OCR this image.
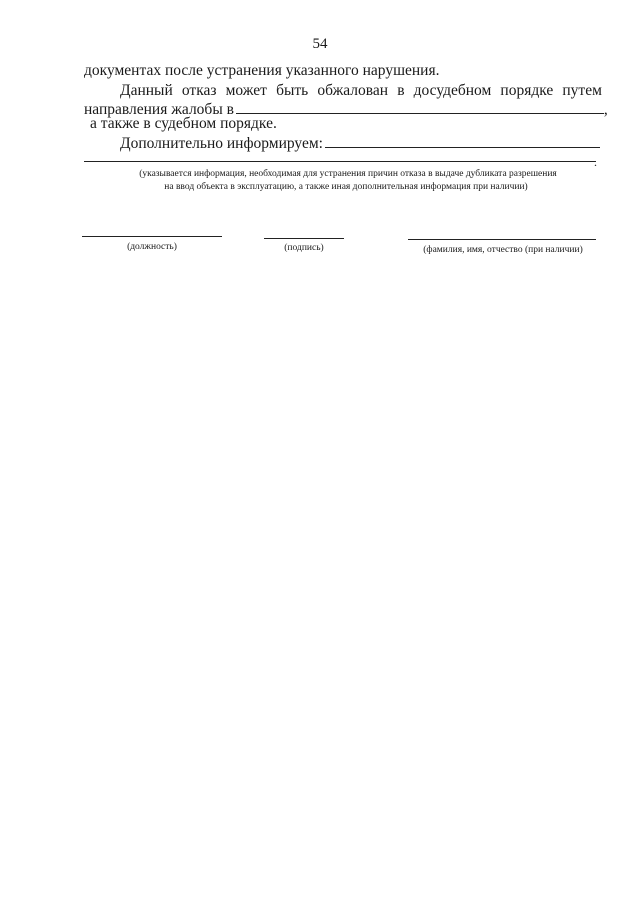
54
документах после устранения указанного нарушения.
Данный отказ может быть обжалован в досудебном порядке путем
направления жалобы в	,
а также в судебном порядке.
Дополнительно информируем:
.
(указывается информация, необходимая для устранения причин отказа в выдаче дубликата разрешения
на ввод объекта в эксплуатацию, а также иная дополнительная информация при наличии)
(должность)	(подпись)	(фамилия, имя, отчество (при наличии)
